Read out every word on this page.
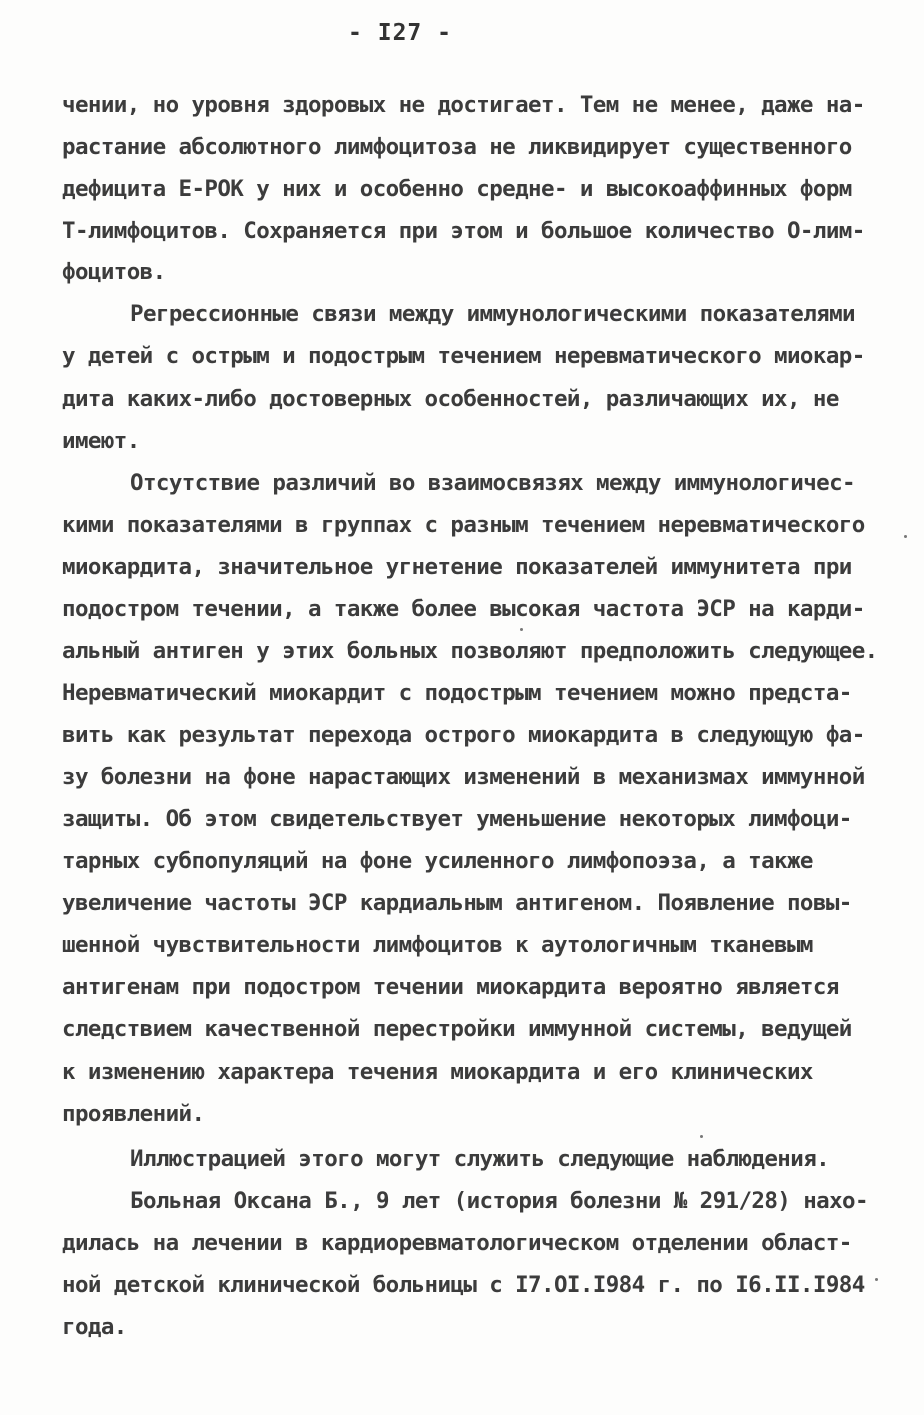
- I27 -
чении, но уровня здоровых не достигает. Тем не менее, даже на-
растание абсолютного лимфоцитоза не ликвидирует существенного
дефицита Е-РОК у них и особенно средне- и высокоаффинных форм
Т-лимфоцитов. Сохраняется при этом и большое количество О-лим-
фоцитов.
Регрессионные связи между иммунологическими показателями
у детей с острым и подострым течением неревматического миокар-
дита каких-либо достоверных особенностей, различающих их, не
имеют.
Отсутствие различий во взаимосвязях между иммунологичес-
кими показателями в группах с разным течением неревматического
миокардита, значительное угнетение показателей иммунитета при
подостром течении, а также более высокая частота ЭСР на карди-
альный антиген у этих больных позволяют предположить следующее.
Неревматический миокардит с подострым течением можно предста-
вить как результат перехода острого миокардита в следующую фа-
зу болезни на фоне нарастающих изменений в механизмах иммунной
защиты. Об этом свидетельствует уменьшение некоторых лимфоци-
тарных субпопуляций на фоне усиленного лимфопоэза, а также
увеличение частоты ЭСР кардиальным антигеном. Появление повы-
шенной чувствительности лимфоцитов к аутологичным тканевым
антигенам при подостром течении миокардита вероятно является
следствием качественной перестройки иммунной системы, ведущей
к изменению характера течения миокардита и его клинических
проявлений.
Иллюстрацией этого могут служить следующие наблюдения.
Больная Оксана Б., 9 лет (история болезни № 291/28) нахо-
дилась на лечении в кардиоревматологическом отделении област-
ной детской клинической больницы с I7.OI.I984 г. по I6.II.I984
года.
